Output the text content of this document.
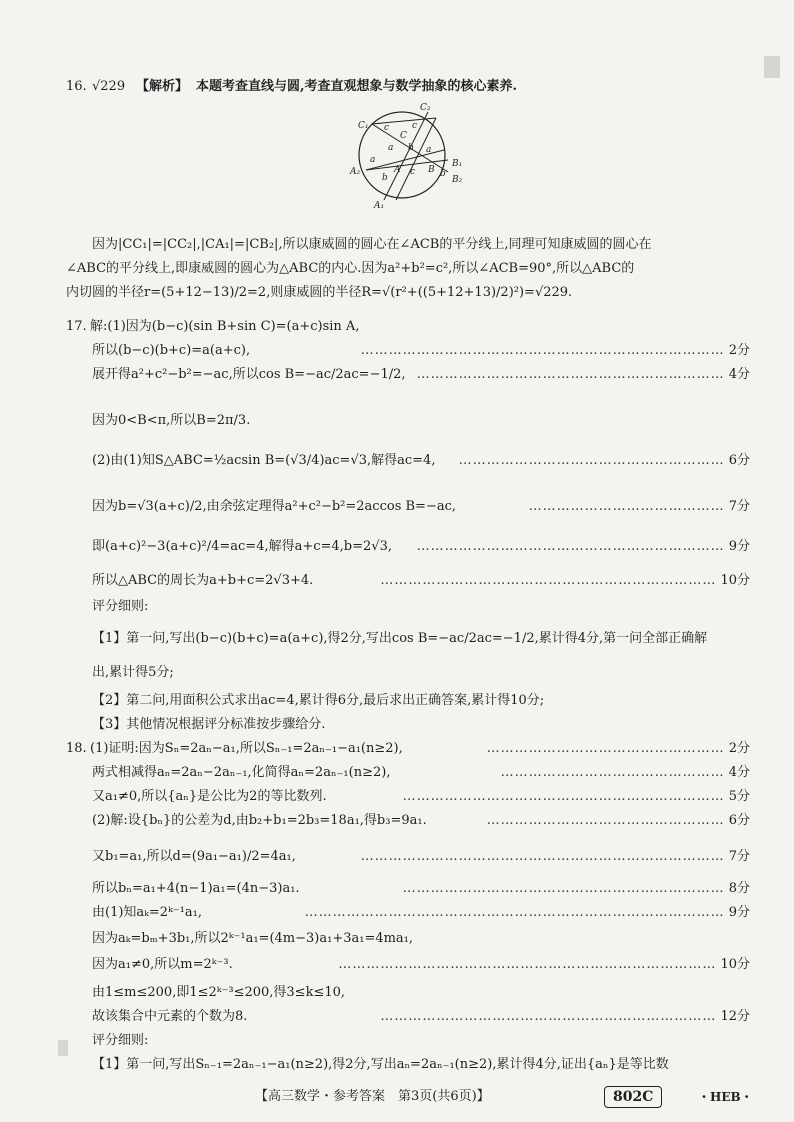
16. √229 【解析】 本题考查直线与圆,考查直观想象与数学抽象的核心素养.
C₂
C₁
C
c	c
a b a
A₂
a
b
A c B b
B₁
B₂
A₁
因为|CC₁|=|CC₂|,|CA₁|=|CB₂|,所以康威圆的圆心在∠ACB的平分线上,同理可知康威圆的圆心在
∠ABC的平分线上,即康威圆的圆心为△ABC的内心.因为a²+b²=c²,所以∠ACB=90°,所以△ABC的
内切圆的半径r=(5+12−13)/2=2,则康威圆的半径R=√(r²+((5+12+13)/2)²)=√229.
17. 解:(1)因为(b−c)(sin B+sin C)=(a+c)sin A,
所以(b−c)(b+c)=a(a+c),	…………………………………………………………………… 2分
展开得a²+c²−b²=−ac,所以cos B=−ac/2ac=−1/2, ………………………………………………………… 4分
因为0<B<π,所以B=2π/3.
(2)由(1)知S△ABC=½acsin B=(√3/4)ac=√3,解得ac=4, ………………………………………………… 6分
因为b=√3(a+c)/2,由余弦定理得a²+c²−b²=2accos B=−ac,	…………………………………… 7分
即(a+c)²−3(a+c)²/4=ac=4,解得a+c=4,b=2√3, ………………………………………………………… 9分
所以△ABC的周长为a+b+c=2√3+4.	……………………………………………………………… 10分
评分细则:
【1】第一问,写出(b−c)(b+c)=a(a+c),得2分,写出cos B=−ac/2ac=−1/2,累计得4分,第一问全部正确解
出,累计得5分;
【2】第二问,用面积公式求出ac=4,累计得6分,最后求出正确答案,累计得10分;
【3】其他情况根据评分标准按步骤给分.
18. (1)证明:因为Sₙ=2aₙ−a₁,所以Sₙ₋₁=2aₙ₋₁−a₁(n≥2),	…………………………………………… 2分
两式相减得aₙ=2aₙ−2aₙ₋₁,化简得aₙ=2aₙ₋₁(n≥2),	………………………………………… 4分
又a₁≠0,所以{aₙ}是公比为2的等比数列.	…………………………………………………………… 5分
(2)解:设{bₙ}的公差为d,由b₂+b₁=2b₃=18a₁,得b₃=9a₁.	…………………………………………… 6分
又b₁=a₁,所以d=(9a₁−a₁)/2=4a₁,	…………………………………………………………………… 7分
所以bₙ=a₁+4(n−1)a₁=(4n−3)a₁.	…………………………………………………………… 8分
由(1)知aₖ=2ᵏ⁻¹a₁,	……………………………………………………………………………… 9分
因为aₖ=bₘ+3b₁,所以2ᵏ⁻¹a₁=(4m−3)a₁+3a₁=4ma₁,
因为a₁≠0,所以m=2ᵏ⁻³.	……………………………………………………………………… 10分
由1≤m≤200,即1≤2ᵏ⁻³≤200,得3≤k≤10,
故该集合中元素的个数为8.	……………………………………………………………… 12分
评分细则:
【1】第一问,写出Sₙ₋₁=2aₙ₋₁−a₁(n≥2),得2分,写出aₙ=2aₙ₋₁(n≥2),累计得4分,证出{aₙ}是等比数
【高三数学・参考答案　第3页(共6页)】	802C	・HEB・
